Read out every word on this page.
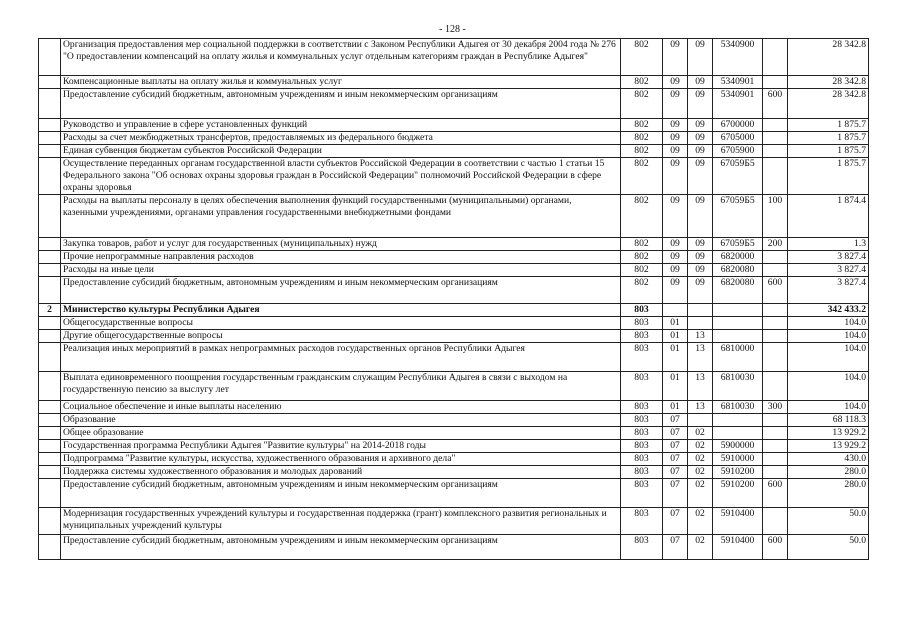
- 128 -
	Организация предоставления мер социальной поддержки в соответствии с Законом Республики Адыгея от 30 декабря 2004 года № 276 "О предоставлении компенсаций на оплату жилья и коммунальных услуг отдельным категориям граждан в Республике Адыгея"	802	09	09	5340900		28 342.8
	Компенсационные выплаты на оплату жилья и коммунальных услуг	802	09	09	5340901		28 342.8
	Предоставление субсидий бюджетным, автономным учреждениям и иным некоммерческим организациям	802	09	09	5340901	600	28 342.8
	Руководство и управление в сфере установленных функций	802	09	09	6700000		1 875.7
	Расходы за счет межбюджетных трансфертов, предоставляемых из федерального бюджета	802	09	09	6705000		1 875.7
	Единая субвенция бюджетам субъектов Российской Федерации	802	09	09	6705900		1 875.7
	Осуществление переданных органам государственной власти субъектов Российской Федерации в соответствии с частью 1 статьи 15 Федерального закона "Об основах охраны здоровья граждан в Российской Федерации" полномочий Российской Федерации в сфере охраны здоровья	802	09	09	67059Б5		1 875.7
	Расходы на выплаты персоналу в целях обеспечения выполнения функций государственными (муниципальными) органами, казенными учреждениями, органами управления государственными внебюджетными фондами	802	09	09	67059Б5	100	1 874.4
	Закупка товаров, работ и услуг для государственных (муниципальных) нужд	802	09	09	67059Б5	200	1.3
	Прочие непрограммные направления расходов	802	09	09	6820000		3 827.4
	Расходы на иные цели	802	09	09	6820080		3 827.4
	Предоставление субсидий бюджетным, автономным учреждениям и иным некоммерческим организациям	802	09	09	6820080	600	3 827.4
2	Министерство культуры Республики Адыгея	803					342 433.2
	Общегосударственные вопросы	803	01				104.0
	Другие общегосударственные вопросы	803	01	13			104.0
	Реализация иных мероприятий в рамках непрограммных расходов государственных органов Республики Адыгея	803	01	13	6810000		104.0
	Выплата единовременного поощрения государственным гражданским служащим Республики Адыгея в связи с выходом на государственную пенсию за выслугу лет	803	01	13	6810030		104.0
	Социальное обеспечение и иные выплаты населению	803	01	13	6810030	300	104.0
	Образование	803	07				68 118.3
	Общее образование	803	07	02			13 929.2
	Государственная программа Республики Адыгея "Развитие культуры" на 2014-2018 годы	803	07	02	5900000		13 929.2
	Подпрограмма "Развитие культуры, искусства, художественного образования и архивного дела"	803	07	02	5910000		430.0
	Поддержка системы художественного образования и молодых дарований	803	07	02	5910200		280.0
	Предоставление субсидий бюджетным, автономным учреждениям и иным некоммерческим организациям	803	07	02	5910200	600	280.0
	Модернизация государственных учреждений культуры и государственная поддержка (грант) комплексного развития региональных и муниципальных учреждений культуры	803	07	02	5910400		50.0
	Предоставление субсидий бюджетным, автономным учреждениям и иным некоммерческим организациям	803	07	02	5910400	600	50.0
